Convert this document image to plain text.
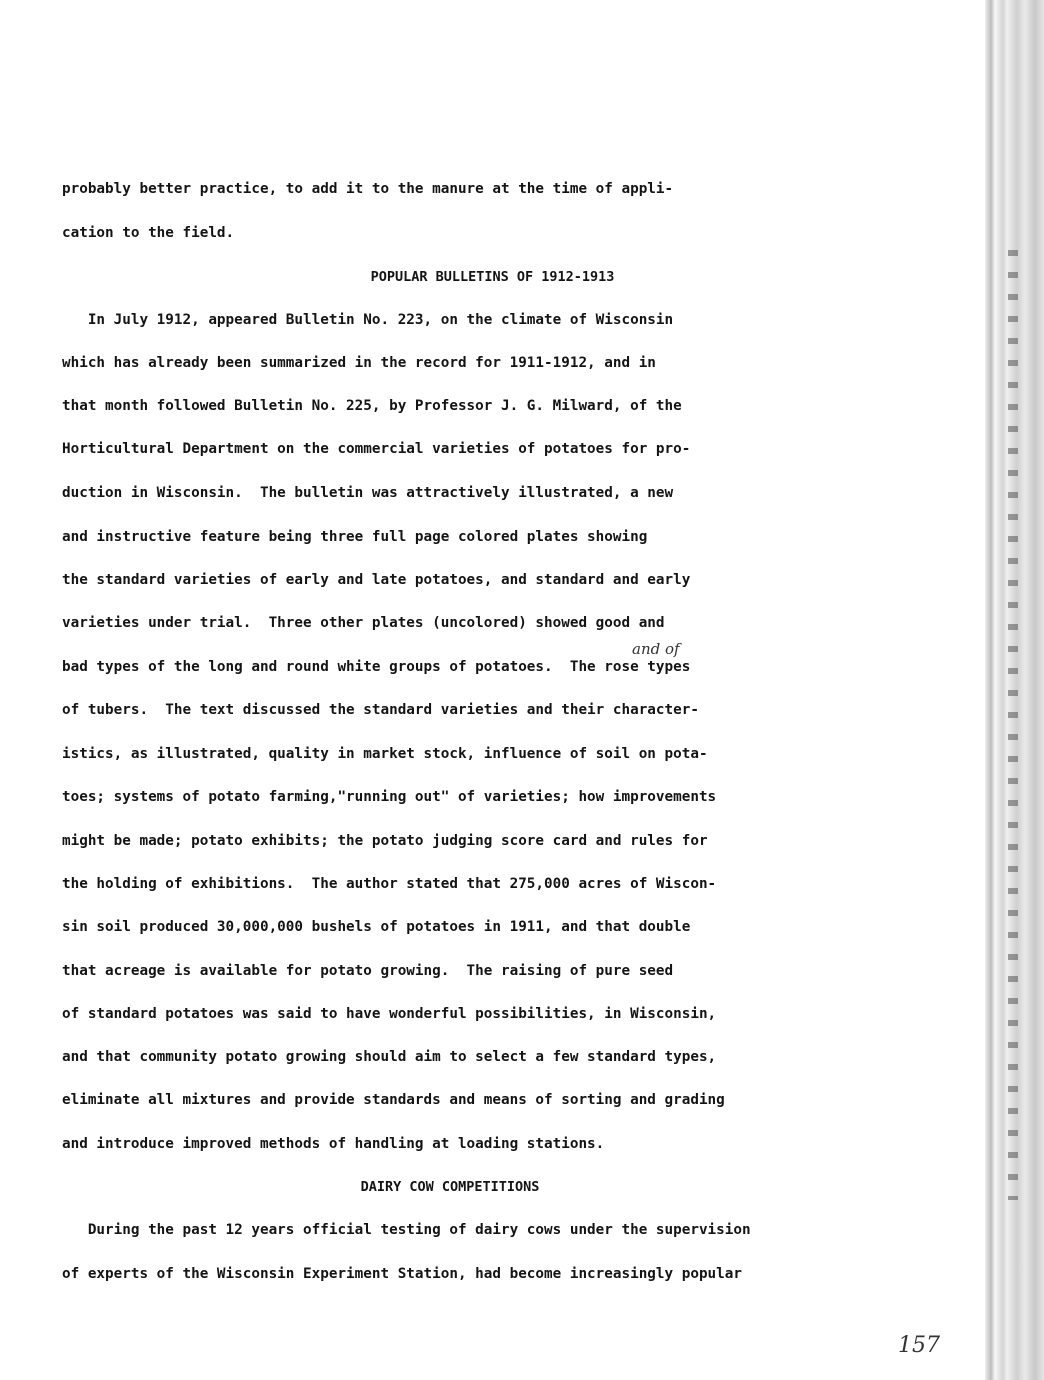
probably better practice, to add it to the manure at the time of appli-
cation to the field.
POPULAR BULLETINS OF 1912-1913
In July 1912, appeared Bulletin No. 223, on the climate of Wisconsin
which has already been summarized in the record for 1911-1912, and in
that month followed Bulletin No. 225, by Professor J. G. Milward, of the
Horticultural Department on the commercial varieties of potatoes for pro-
duction in Wisconsin.  The bulletin was attractively illustrated, a new
and instructive feature being three full page colored plates showing
the standard varieties of early and late potatoes, and standard and early
varieties under trial.  Three other plates (uncolored) showed good and
and of
bad types of the long and round white groups of potatoes.  The rose types
of tubers.  The text discussed the standard varieties and their character-
istics, as illustrated, quality in market stock, influence of soil on pota-
toes; systems of potato farming,"running out" of varieties; how improvements
might be made; potato exhibits; the potato judging score card and rules for
the holding of exhibitions.  The author stated that 275,000 acres of Wiscon-
sin soil produced 30,000,000 bushels of potatoes in 1911, and that double
that acreage is available for potato growing.  The raising of pure seed
of standard potatoes was said to have wonderful possibilities, in Wisconsin,
and that community potato growing should aim to select a few standard types,
eliminate all mixtures and provide standards and means of sorting and grading
and introduce improved methods of handling at loading stations.
DAIRY COW COMPETITIONS
During the past 12 years official testing of dairy cows under the supervision
of experts of the Wisconsin Experiment Station, had become increasingly popular
157
